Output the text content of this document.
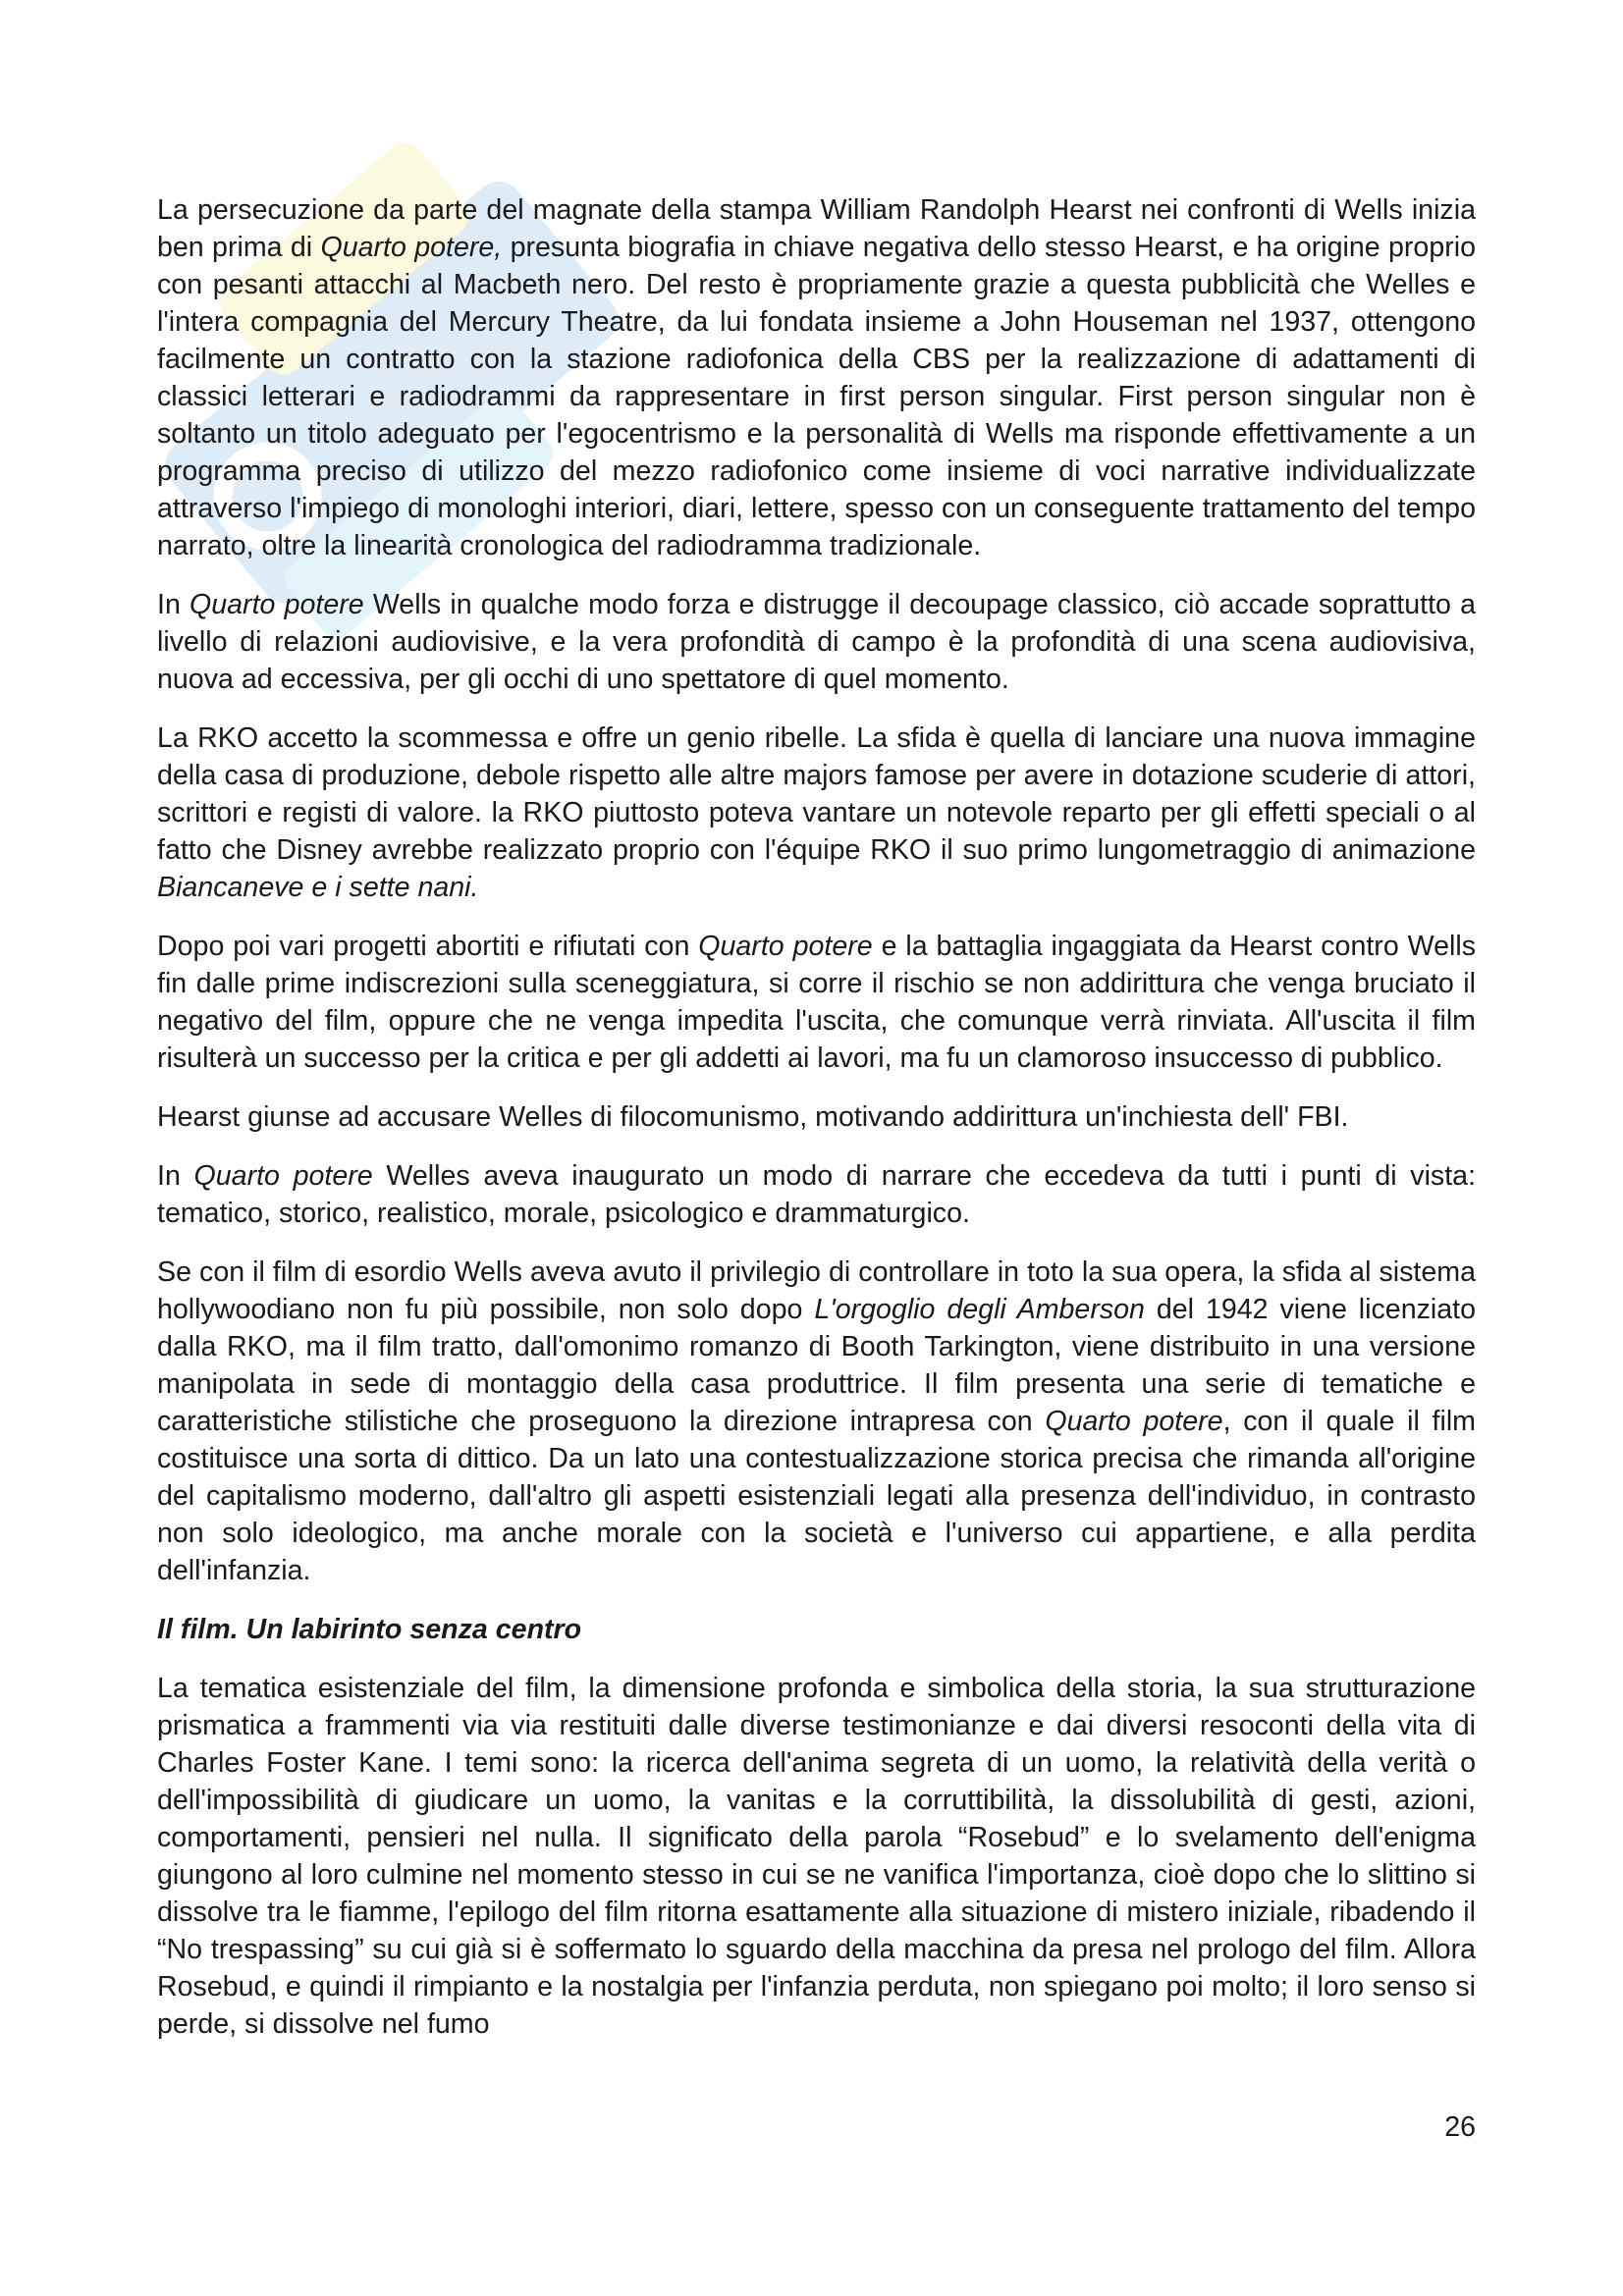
La persecuzione da parte del magnate della stampa William Randolph Hearst nei confronti di Wells inizia ben prima di Quarto potere, presunta biografia in chiave negativa dello stesso Hearst, e ha origine proprio con pesanti attacchi al Macbeth nero. Del resto è propriamente grazie a questa pubblicità che Welles e l'intera compagnia del Mercury Theatre, da lui fondata insieme a John Houseman nel 1937, ottengono facilmente un contratto con la stazione radiofonica della CBS per la realizzazione di adattamenti di classici letterari e radiodrammi da rappresentare in first person singular. First person singular non è soltanto un titolo adeguato per l'egocentrismo e la personalità di Wells ma risponde effettivamente a un programma preciso di utilizzo del mezzo radiofonico come insieme di voci narrative individualizzate attraverso l'impiego di monologhi interiori, diari, lettere, spesso con un conseguente trattamento del tempo narrato, oltre la linearità cronologica del radiodramma tradizionale.

In Quarto potere Wells in qualche modo forza e distrugge il decoupage classico, ciò accade soprattutto a livello di relazioni audiovisive, e la vera profondità di campo è la profondità di una scena audiovisiva, nuova ad eccessiva, per gli occhi di uno spettatore di quel momento.

La RKO accetto la scommessa e offre un genio ribelle. La sfida è quella di lanciare una nuova immagine della casa di produzione, debole rispetto alle altre majors famose per avere in dotazione scuderie di attori, scrittori e registi di valore. la RKO piuttosto poteva vantare un notevole reparto per gli effetti speciali o al fatto che Disney avrebbe realizzato proprio con l'équipe RKO il suo primo lungometraggio di animazione Biancaneve e i sette nani.

Dopo poi vari progetti abortiti e rifiutati con Quarto potere e la battaglia ingaggiata da Hearst contro Wells fin dalle prime indiscrezioni sulla sceneggiatura, si corre il rischio se non addirittura che venga bruciato il negativo del film, oppure che ne venga impedita l'uscita, che comunque verrà rinviata. All'uscita il film risulterà un successo per la critica e per gli addetti ai lavori, ma fu un clamoroso insuccesso di pubblico.

Hearst giunse ad accusare Welles di filocomunismo, motivando addirittura un'inchiesta dell' FBI.

In Quarto potere Welles aveva inaugurato un modo di narrare che eccedeva da tutti i punti di vista: tematico, storico, realistico, morale, psicologico e drammaturgico.

Se con il film di esordio Wells aveva avuto il privilegio di controllare in toto la sua opera, la sfida al sistema hollywoodiano non fu più possibile, non solo dopo L'orgoglio degli Amberson del 1942 viene licenziato dalla RKO, ma il film tratto, dall'omonimo romanzo di Booth Tarkington, viene distribuito in una versione manipolata in sede di montaggio della casa produttrice. Il film presenta una serie di tematiche e caratteristiche stilistiche che proseguono la direzione intrapresa con Quarto potere, con il quale il film costituisce una sorta di dittico. Da un lato una contestualizzazione storica precisa che rimanda all'origine del capitalismo moderno, dall'altro gli aspetti esistenziali legati alla presenza dell'individuo, in contrasto non solo ideologico, ma anche morale con la società e l'universo cui appartiene, e alla perdita dell'infanzia.

Il film. Un labirinto senza centro

La tematica esistenziale del film, la dimensione profonda e simbolica della storia, la sua strutturazione prismatica a frammenti via via restituiti dalle diverse testimonianze e dai diversi resoconti della vita di Charles Foster Kane. I temi sono: la ricerca dell'anima segreta di un uomo, la relatività della verità o dell'impossibilità di giudicare un uomo, la vanitas e la corruttibilità, la dissolubilità di gesti, azioni, comportamenti, pensieri nel nulla. Il significato della parola “Rosebud” e lo svelamento dell'enigma giungono al loro culmine nel momento stesso in cui se ne vanifica l'importanza, cioè dopo che lo slittino si dissolve tra le fiamme, l'epilogo del film ritorna esattamente alla situazione di mistero iniziale, ribadendo il “No trespassing” su cui già si è soffermato lo sguardo della macchina da presa nel prologo del film. Allora Rosebud, e quindi il rimpianto e la nostalgia per l'infanzia perduta, non spiegano poi molto; il loro senso si perde, si dissolve nel fumo

26
